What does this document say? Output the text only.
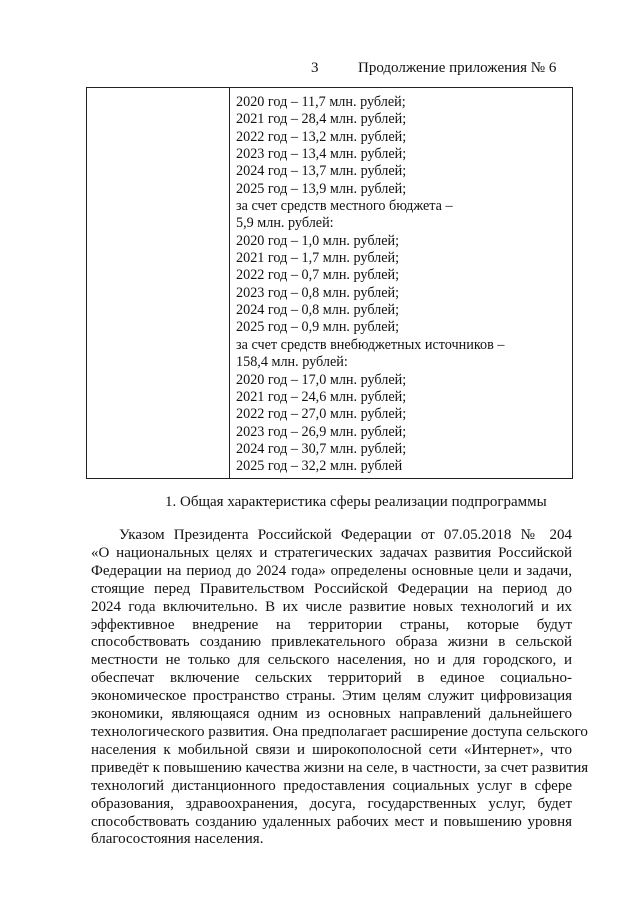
3	Продолжение приложения № 6
2020 год – 11,7 млн. рублей;
2021 год – 28,4 млн. рублей;
2022 год – 13,2 млн. рублей;
2023 год – 13,4 млн. рублей;
2024 год – 13,7 млн. рублей;
2025 год – 13,9 млн. рублей;
за счет средств местного бюджета –
5,9 млн. рублей:
2020 год – 1,0 млн. рублей;
2021 год – 1,7 млн. рублей;
2022 год – 0,7 млн. рублей;
2023 год – 0,8 млн. рублей;
2024 год – 0,8 млн. рублей;
2025 год – 0,9 млн. рублей;
за счет средств внебюджетных источников –
158,4 млн. рублей:
2020 год – 17,0 млн. рублей;
2021 год – 24,6 млн. рублей;
2022 год – 27,0 млн. рублей;
2023 год – 26,9 млн. рублей;
2024 год – 30,7 млн. рублей;
2025 год – 32,2 млн. рублей
1. Общая характеристика сферы реализации подпрограммы
Указом Президента Российской Федерации от 07.05.2018 № 204
«О национальных целях и стратегических задачах развития Российской
Федерации на период до 2024 года» определены основные цели и задачи,
стоящие перед Правительством Российской Федерации на период до
2024 года включительно. В их числе развитие новых технологий и их
эффективное внедрение на территории страны, которые будут
способствовать созданию привлекательного образа жизни в сельской
местности не только для сельского населения, но и для городского, и
обеспечат включение сельских территорий в единое социально-
экономическое пространство страны. Этим целям служит цифровизация
экономики, являющаяся одним из основных направлений дальнейшего
технологического развития. Она предполагает расширение доступа сельского
населения к мобильной связи и широкополосной сети «Интернет», что
приведёт к повышению качества жизни на селе, в частности, за счет развития
технологий дистанционного предоставления социальных услуг в сфере
образования, здравоохранения, досуга, государственных услуг, будет
способствовать созданию удаленных рабочих мест и повышению уровня
благосостояния населения.
